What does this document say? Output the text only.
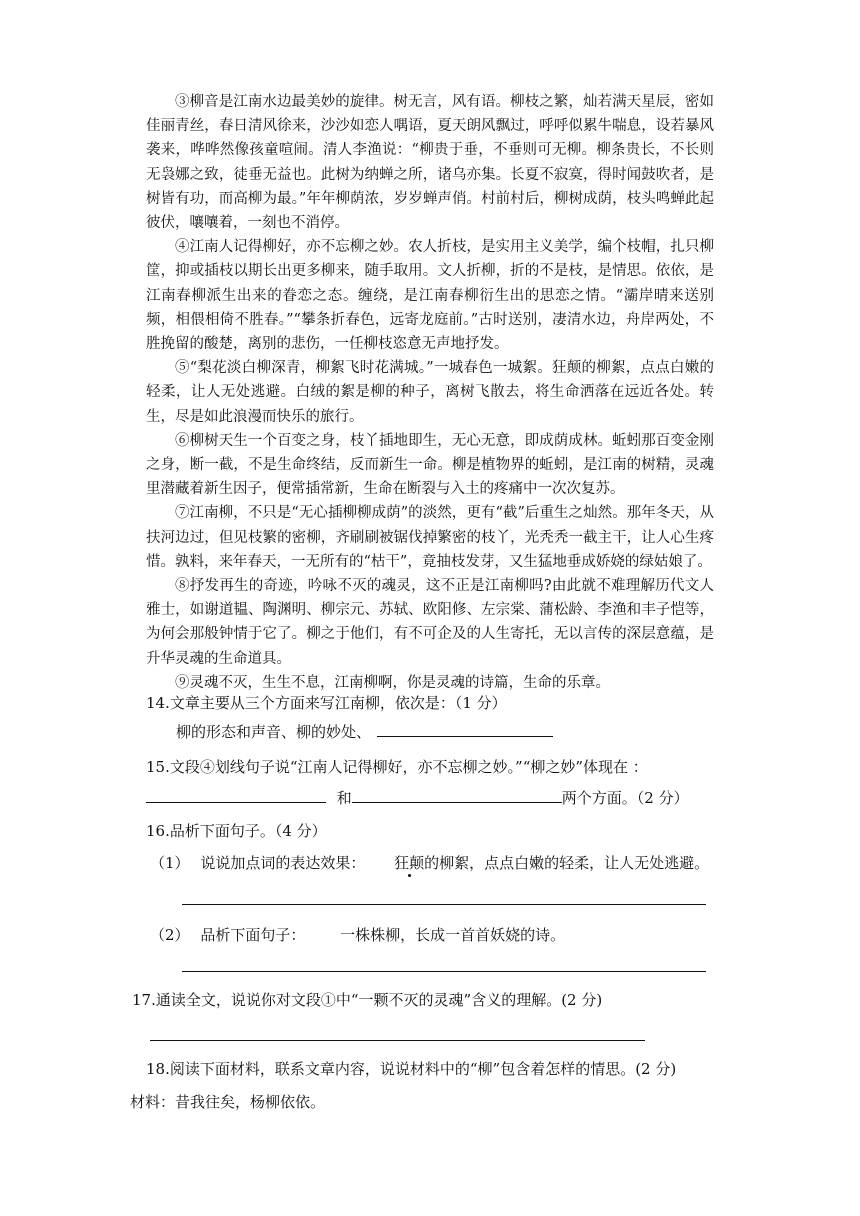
③柳音是江南水边最美妙的旋律。树无言，风有语。柳枝之繁，灿若满天星辰，密如佳丽青丝，春日清风徐来，沙沙如恋人喁语，夏天朗风飘过，呼呼似累牛喘息，设若暴风袭来，哗哗然像孩童喧闹。清人李渔说：“柳贵于垂，不垂则可无柳。柳条贵长，不长则无袅娜之致，徒垂无益也。此树为纳蝉之所，诸乌亦集。长夏不寂寞，得时闻鼓吹者，是树皆有功，而高柳为最。”年年柳荫浓，岁岁蝉声俏。村前村后，柳树成荫，枝头鸣蝉此起彼伏，嚷嚷着，一刻也不消停。

④江南人记得柳好，亦不忘柳之妙。农人折枝，是实用主义美学，编个枝帽，扎只柳筐，抑或插枝以期长出更多柳来，随手取用。文人折柳，折的不是枝，是情思。依依，是江南春柳派生出来的眷恋之态。缠绕，是江南春柳衍生出的思恋之情。“灞岸晴来送别频，相偎相倚不胜春。”“攀条折春色，远寄龙庭前。”古时送别，凄清水边，舟岸两处，不胜挽留的酸楚，离别的悲伤，一任柳枝恣意无声地抒发。

⑤“梨花淡白柳深青，柳絮飞时花满城。”一城春色一城絮。狂颠的柳絮，点点白嫩的轻柔，让人无处逃避。白绒的絮是柳的种子，离树飞散去，将生命洒落在远近各处。转生，尽是如此浪漫而快乐的旅行。

⑥柳树天生一个百变之身，枝丫插地即生，无心无意，即成荫成林。蚯蚓那百变金刚之身，断一截，不是生命终结，反而新生一命。柳是植物界的蚯蚓，是江南的树精，灵魂里潜藏着新生因子，便常插常新，生命在断裂与入土的疼痛中一次次复苏。

⑦江南柳，不只是“无心插柳柳成荫”的淡然，更有“截”后重生之灿然。那年冬天，从扶河边过，但见枝繁的密柳，齐刷刷被锯伐掉繁密的枝丫，光秃秃一截主干，让人心生疼惜。孰料，来年春天，一无所有的“枯干”，竟抽枝发芽，又生猛地垂成娇娆的绿姑娘了。

⑧抒发再生的奇迹，吟咏不灭的魂灵，这不正是江南柳吗?由此就不难理解历代文人雅士，如谢道韫、陶渊明、柳宗元、苏轼、欧阳修、左宗棠、蒲松龄、李渔和丰子恺等，为何会那般钟情于它了。柳之于他们，有不可企及的人生寄托，无以言传的深层意蕴，是升华灵魂的生命道具。

⑨灵魂不灭，生生不息，江南柳啊，你是灵魂的诗篇，生命的乐章。

14.文章主要从三个方面来写江南柳，依次是：（1 分）
柳的形态和声音、柳的妙处、
15.文段④划线句子说“江南人记得柳好，亦不忘柳之妙。”“柳之妙”体现在 ：
和	两个方面。（2 分）
16.品析下面句子。（4 分）
（1） 说说加点词的表达效果： 狂颠的柳絮，点点白嫩的轻柔，让人无处逃避。
（2） 品析下面句子： 一株株柳，长成一首首妖娆的诗。
17.通读全文，说说你对文段①中“一颗不灭的灵魂”含义的理解。(2 分)
18.阅读下面材料，联系文章内容，说说材料中的“柳”包含着怎样的情思。(2 分)
材料：昔我往矣，杨柳依依。
